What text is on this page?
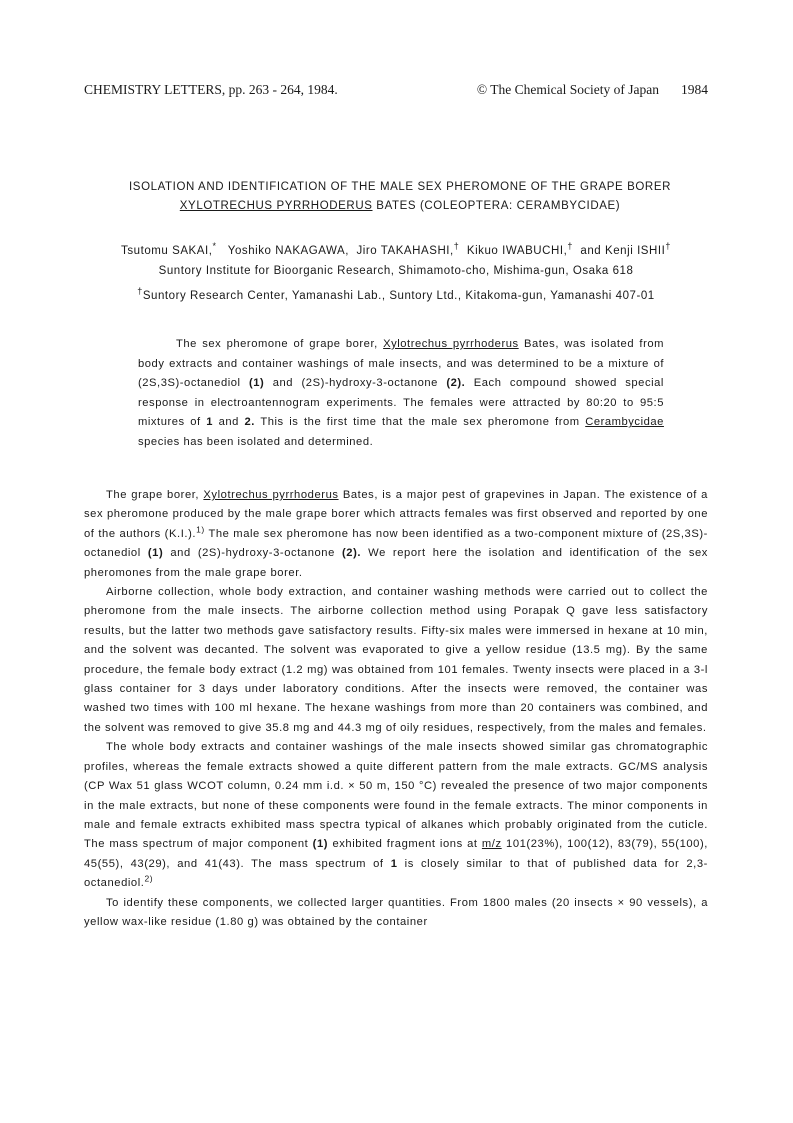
CHEMISTRY LETTERS, pp. 263 - 264, 1984.	© The Chemical Society of Japan 1984
ISOLATION AND IDENTIFICATION OF THE MALE SEX PHEROMONE OF THE GRAPE BORER
XYLOTRECHUS PYRRHODERUS BATES (COLEOPTERA: CERAMBYCIDAE)
Tsutomu SAKAI,* Yoshiko NAKAGAWA, Jiro TAKAHASHI,† Kikuo IWABUCHI,† and Kenji ISHII†
Suntory Institute for Bioorganic Research, Shimamoto-cho, Mishima-gun, Osaka 618
†Suntory Research Center, Yamanashi Lab., Suntory Ltd., Kitakoma-gun, Yamanashi 407-01
The sex pheromone of grape borer, Xylotrechus pyrrhoderus Bates, was isolated from body extracts and container washings of male insects, and was determined to be a mixture of (2S,3S)-octanediol (1) and (2S)-hydroxy-3-octanone (2). Each compound showed special response in electroantennogram experiments. The females were attracted by 80:20 to 95:5 mixtures of 1 and 2. This is the first time that the male sex pheromone from Cerambycidae species has been isolated and determined.

The grape borer, Xylotrechus pyrrhoderus Bates, is a major pest of grapevines in Japan. The existence of a sex pheromone produced by the male grape borer which attracts females was first observed and reported by one of the authors (K.I.).$^{1)}$ The male sex pheromone has now been identified as a two-component mixture of (2S,3S)-octanediol (1) and (2S)-hydroxy-3-octanone (2). We report here the isolation and identification of the sex pheromones from the male grape borer.

Airborne collection, whole body extraction, and container washing methods were carried out to collect the pheromone from the male insects. The airborne collection method using Porapak Q gave less satisfactory results, but the latter two methods gave satisfactory results. Fifty-six males were immersed in hexane at 10 min, and the solvent was decanted. The solvent was evaporated to give a yellow residue (13.5 mg). By the same procedure, the female body extract (1.2 mg) was obtained from 101 females. Twenty insects were placed in a 3-l glass container for 3 days under laboratory conditions. After the insects were removed, the container was washed two times with 100 ml hexane. The hexane washings from more than 20 containers was combined, and the solvent was removed to give 35.8 mg and 44.3 mg of oily residues, respectively, from the males and females.

The whole body extracts and container washings of the male insects showed similar gas chromatographic profiles, whereas the female extracts showed a quite different pattern from the male extracts. GC/MS analysis (CP Wax 51 glass WCOT column, 0.24 mm i.d. × 50 m, 150 °C) revealed the presence of two major components in the male extracts, but none of these components were found in the female extracts. The minor components in male and female extracts exhibited mass spectra typical of alkanes which probably originated from the cuticle. The mass spectrum of major component (1) exhibited fragment ions at m/z 101(23%), 100(12), 83(79), 55(100), 45(55), 43(29), and 41(43). The mass spectrum of 1 is closely similar to that of published data for 2,3-octanediol.$^{2)}$

To identify these components, we collected larger quantities. From 1800 males (20 insects × 90 vessels), a yellow wax-like residue (1.80 g) was obtained by the container
